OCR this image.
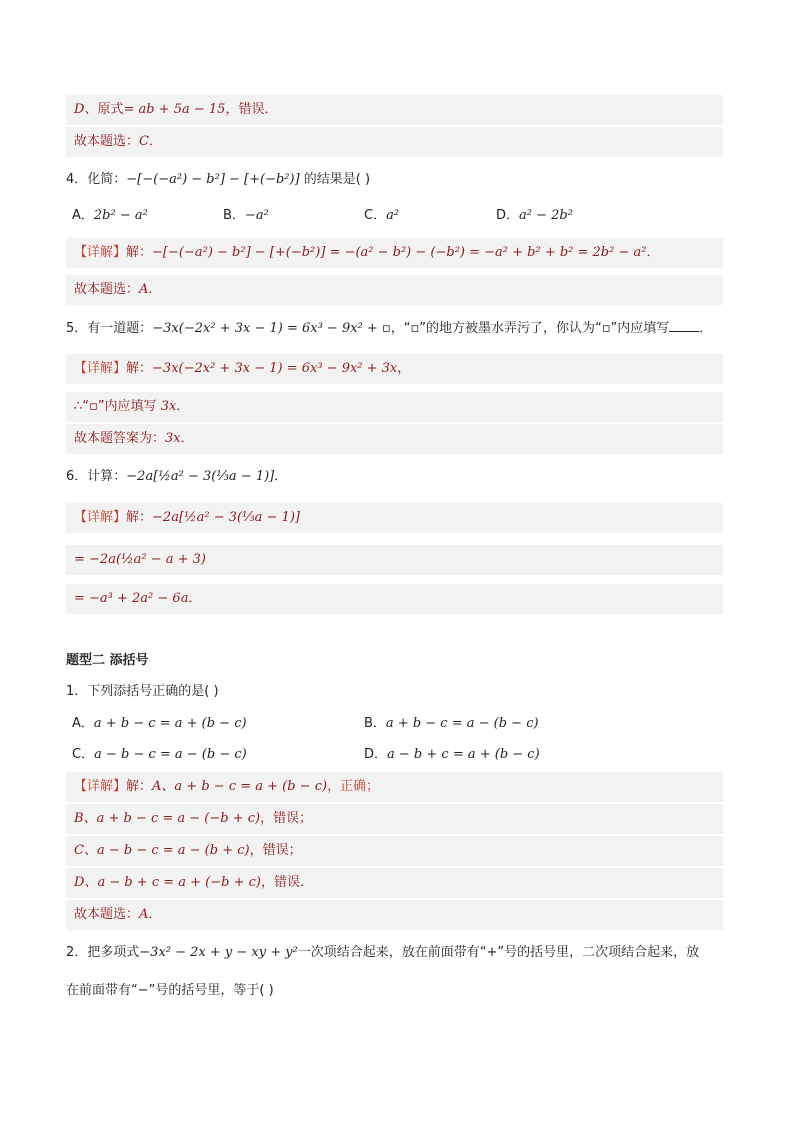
D、原式= ab + 5a − 15，错误．
故本题选：C．
4．化简：−[−(−a²) − b²] − [+(−b²)] 的结果是( )
A．2b² − a²	B．−a²	C．a²	D．a² − 2b²
【详解】解：−[−(−a²) − b²] − [+(−b²)] = −(a² − b²) − (−b²) = −a² + b² + b² = 2b² − a²．
故本题选：A．
5．有一道题：−3x(−2x² + 3x − 1) = 6x³ − 9x² + ▫，“▫”的地方被墨水弄污了，你认为“▫”内应填写 ．
【详解】解：−3x(−2x² + 3x − 1) = 6x³ − 9x² + 3x，
∴“▫”内应填写 3x．
故本题答案为：3x．
6．计算：−2a[½a² − 3(⅓a − 1)]．
【详解】解：−2a[½a² − 3(⅓a − 1)]
= −2a(½a² − a + 3)
= −a³ + 2a² − 6a．
题型二 添括号
1．下列添括号正确的是( )
A．a + b − c = a + (b − c)	B．a + b − c = a − (b − c)
C．a − b − c = a − (b − c)	D．a − b + c = a + (b − c)
【详解】解：A、a + b − c = a + (b − c)，正确；
B、a + b − c = a − (−b + c)，错误；
C、a − b − c = a − (b + c)，错误；
D、a − b + c = a + (−b + c)，错误．
故本题选：A．
2．把多项式−3x² − 2x + y − xy + y²一次项结合起来，放在前面带有“+”号的括号里，二次项结合起来，放
在前面带有“−”号的括号里，等于( )
